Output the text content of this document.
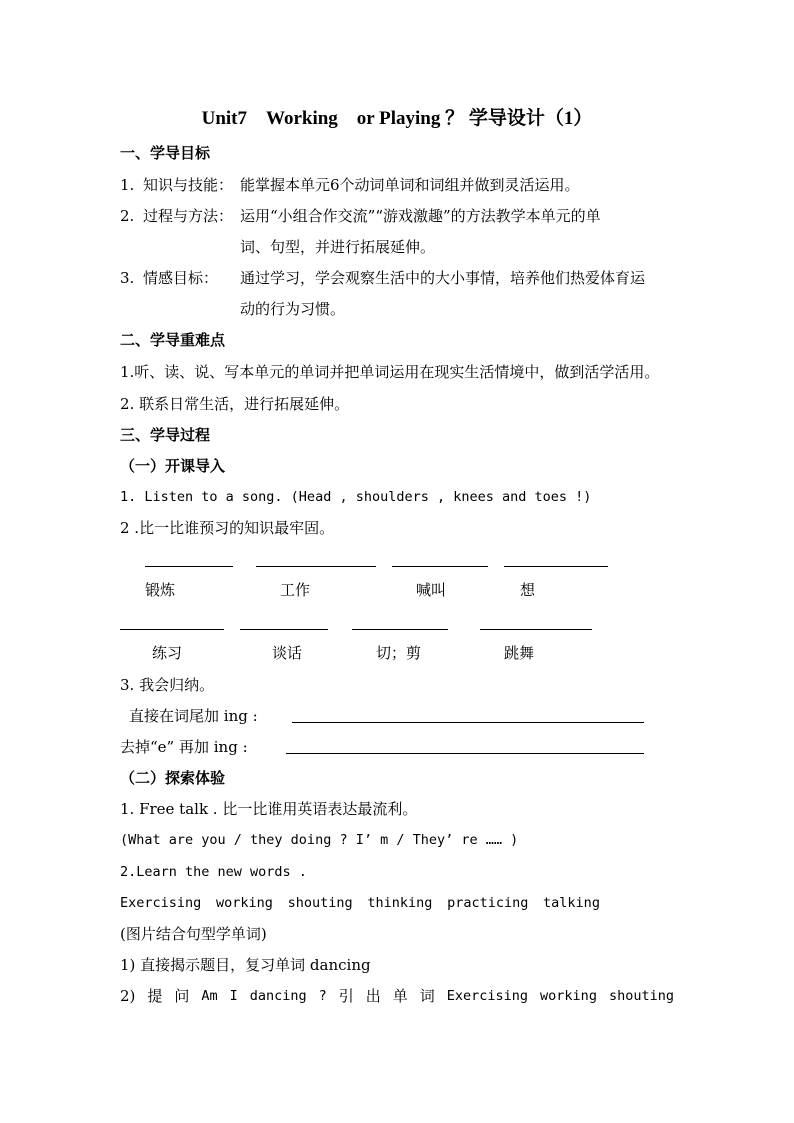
Unit7　Working　or Playing ？ 学导设计（1）
一、学导目标
1. 知识与技能： 能掌握本单元6个动词单词和词组并做到灵活运用。
2. 过程与方法： 运用“小组合作交流”“游戏激趣”的方法教学本单元的单
词、句型，并进行拓展延伸。
3. 情感目标： 通过学习，学会观察生活中的大小事情，培养他们热爱体育运
动的行为习惯。
二、学导重难点
1.听、读、说、写本单元的单词并把单词运用在现实生活情境中，做到活学活用。
2. 联系日常生活，进行拓展延伸。
三、学导过程
（一）开课导入
1. Listen to a song. (Head , shoulders , knees and toes !)
2 .比一比谁预习的知识最牢固。
锻炼	工作	喊叫	想
练习	谈话	切；剪	跳舞
3. 我会归纳。
直接在词尾加 ing :
去掉“e” 再加 ing :
（二）探索体验
1. Free talk . 比一比谁用英语表达最流利。
(What are you / they doing ? I’ m / They’ re …… )
2.Learn the new words .
Exercising working shouting thinking practicing talking
(图片结合句型学单词)
1) 直接揭示题目，复习单词 dancing
2) 提 问 Am I dancing ? 引 出 单 词 Exercising working shouting
